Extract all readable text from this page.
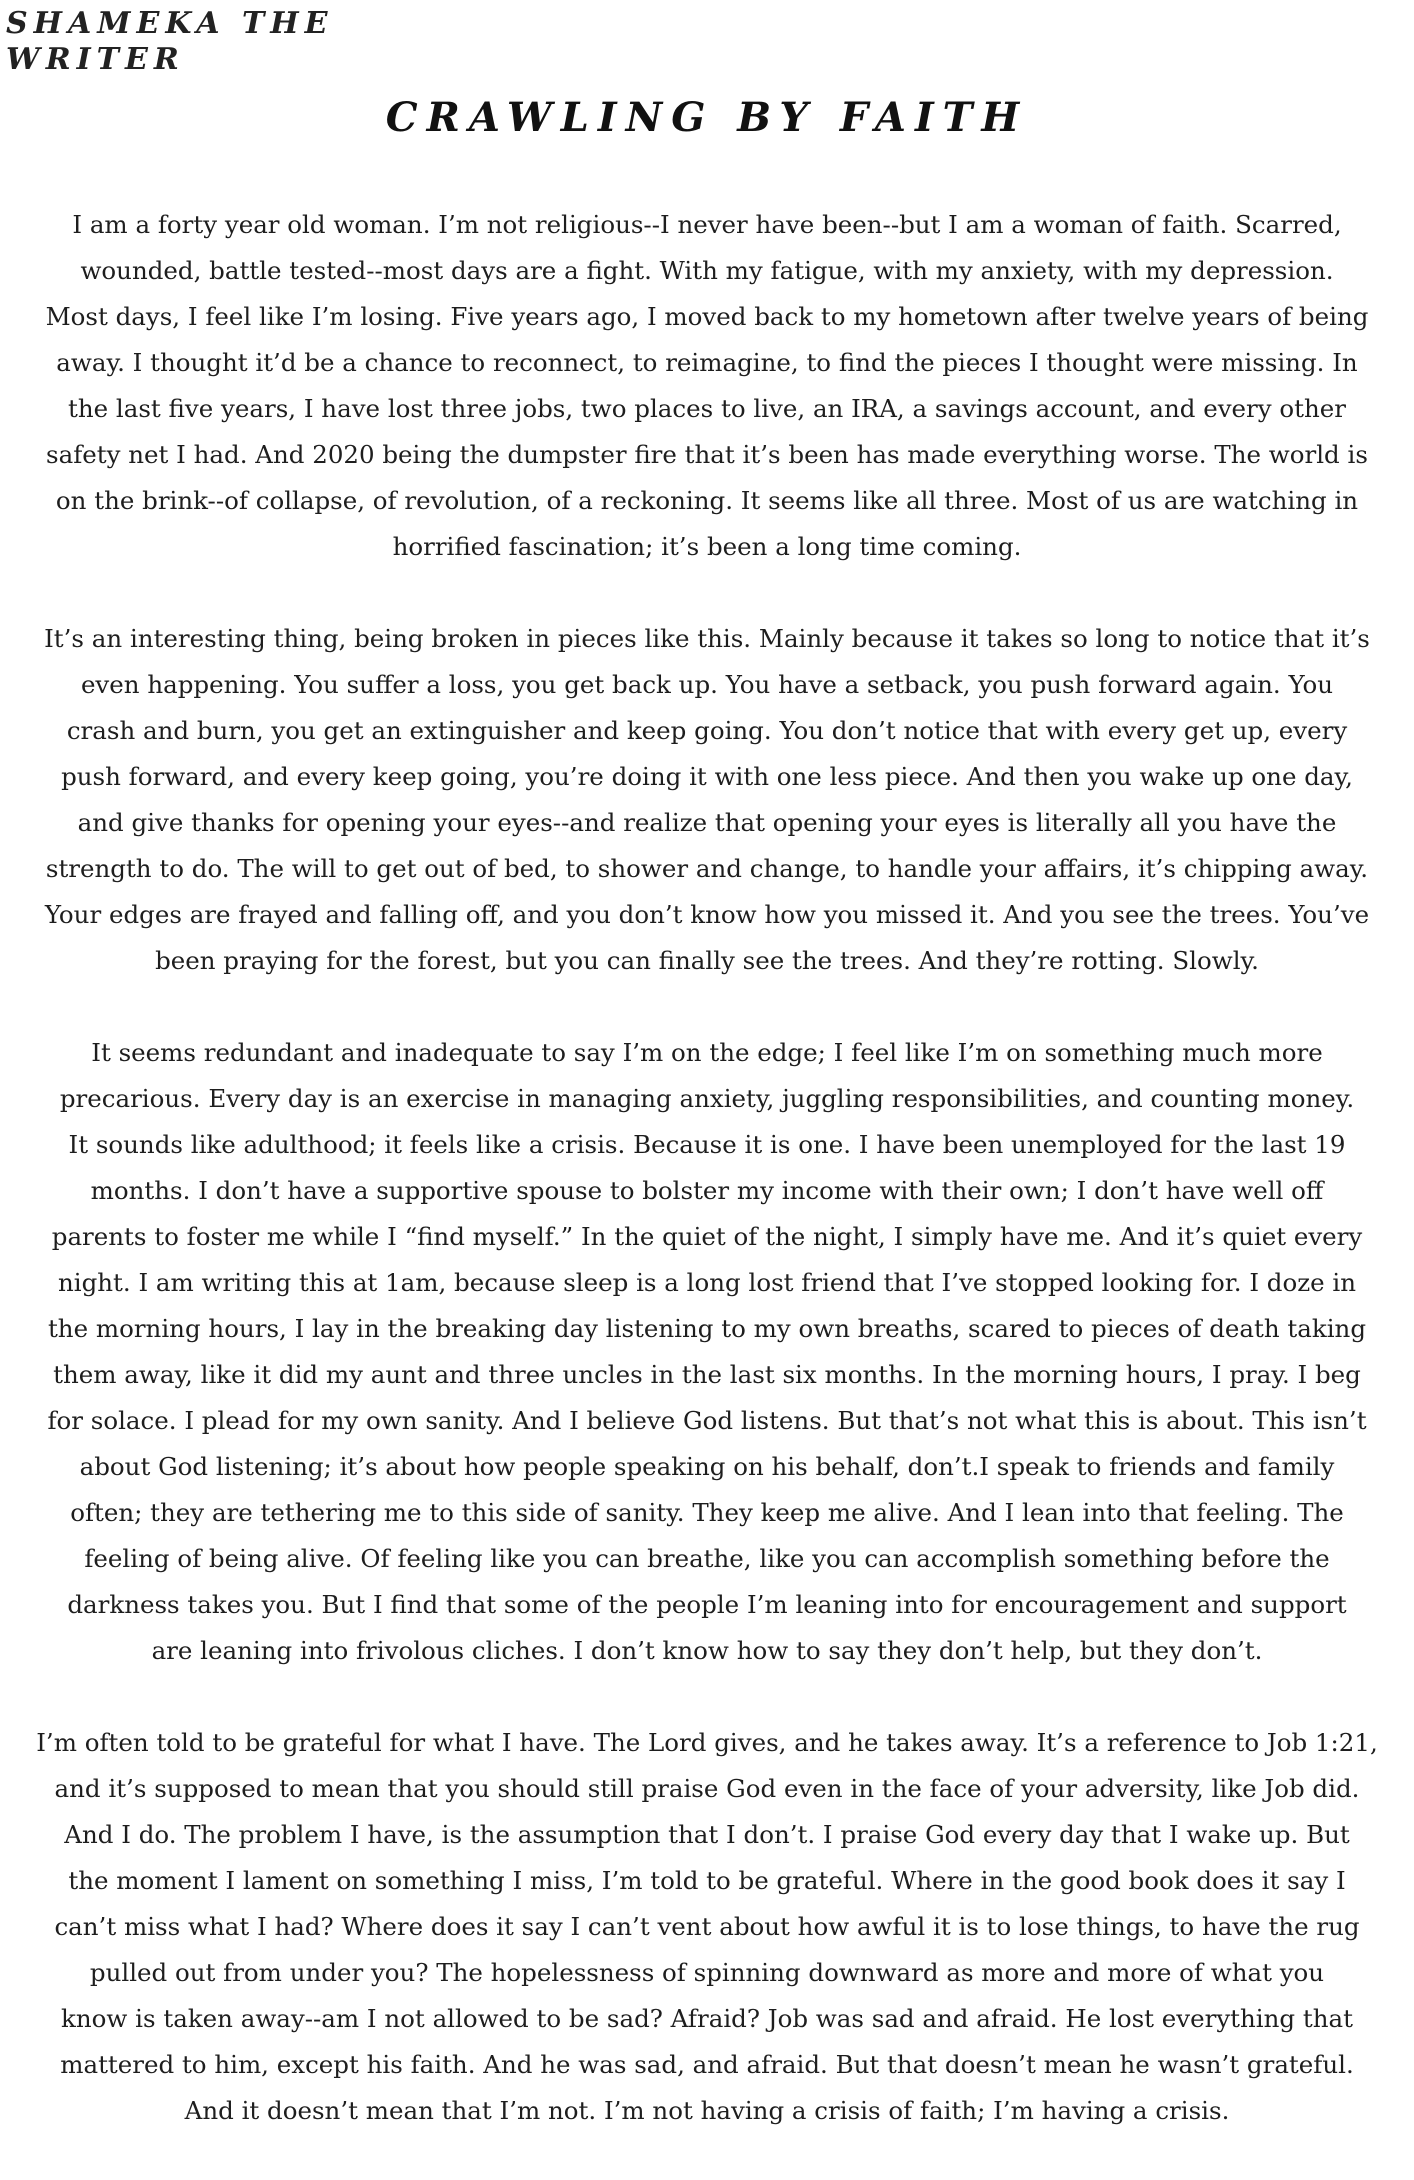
SHAMEKA THE
WRITER
CRAWLING BY FAITH

I am a forty year old woman. I’m not religious--I never have been--but I am a woman of faith. Scarred,
wounded, battle tested--most days are a fight. With my fatigue, with my anxiety, with my depression.
Most days, I feel like I’m losing. Five years ago, I moved back to my hometown after twelve years of being
away. I thought it’d be a chance to reconnect, to reimagine, to find the pieces I thought were missing. In
the last five years, I have lost three jobs, two places to live, an IRA, a savings account, and every other
safety net I had. And 2020 being the dumpster fire that it’s been has made everything worse. The world is
on the brink--of collapse, of revolution, of a reckoning. It seems like all three. Most of us are watching in
horrified fascination; it’s been a long time coming.

It’s an interesting thing, being broken in pieces like this. Mainly because it takes so long to notice that it’s
even happening. You suffer a loss, you get back up. You have a setback, you push forward again. You
crash and burn, you get an extinguisher and keep going. You don’t notice that with every get up, every
push forward, and every keep going, you’re doing it with one less piece. And then you wake up one day,
and give thanks for opening your eyes--and realize that opening your eyes is literally all you have the
strength to do. The will to get out of bed, to shower and change, to handle your affairs, it’s chipping away.
Your edges are frayed and falling off, and you don’t know how you missed it. And you see the trees. You’ve
been praying for the forest, but you can finally see the trees. And they’re rotting. Slowly.

It seems redundant and inadequate to say I’m on the edge; I feel like I’m on something much more
precarious. Every day is an exercise in managing anxiety, juggling responsibilities, and counting money.
It sounds like adulthood; it feels like a crisis. Because it is one. I have been unemployed for the last 19
months. I don’t have a supportive spouse to bolster my income with their own; I don’t have well off
parents to foster me while I “find myself.” In the quiet of the night, I simply have me. And it’s quiet every
night. I am writing this at 1am, because sleep is a long lost friend that I’ve stopped looking for. I doze in
the morning hours, I lay in the breaking day listening to my own breaths, scared to pieces of death taking
them away, like it did my aunt and three uncles in the last six months. In the morning hours, I pray. I beg
for solace. I plead for my own sanity. And I believe God listens. But that’s not what this is about. This isn’t
about God listening; it’s about how people speaking on his behalf, don’t.I speak to friends and family
often; they are tethering me to this side of sanity. They keep me alive. And I lean into that feeling. The
feeling of being alive. Of feeling like you can breathe, like you can accomplish something before the
darkness takes you. But I find that some of the people I’m leaning into for encouragement and support
are leaning into frivolous cliches. I don’t know how to say they don’t help, but they don’t.

I’m often told to be grateful for what I have. The Lord gives, and he takes away. It’s a reference to Job 1:21,
and it’s supposed to mean that you should still praise God even in the face of your adversity, like Job did.
And I do. The problem I have, is the assumption that I don’t. I praise God every day that I wake up. But
the moment I lament on something I miss, I’m told to be grateful. Where in the good book does it say I
can’t miss what I had? Where does it say I can’t vent about how awful it is to lose things, to have the rug
pulled out from under you? The hopelessness of spinning downward as more and more of what you
know is taken away--am I not allowed to be sad? Afraid? Job was sad and afraid. He lost everything that
mattered to him, except his faith. And he was sad, and afraid. But that doesn’t mean he wasn’t grateful.
And it doesn’t mean that I’m not. I’m not having a crisis of faith; I’m having a crisis.
